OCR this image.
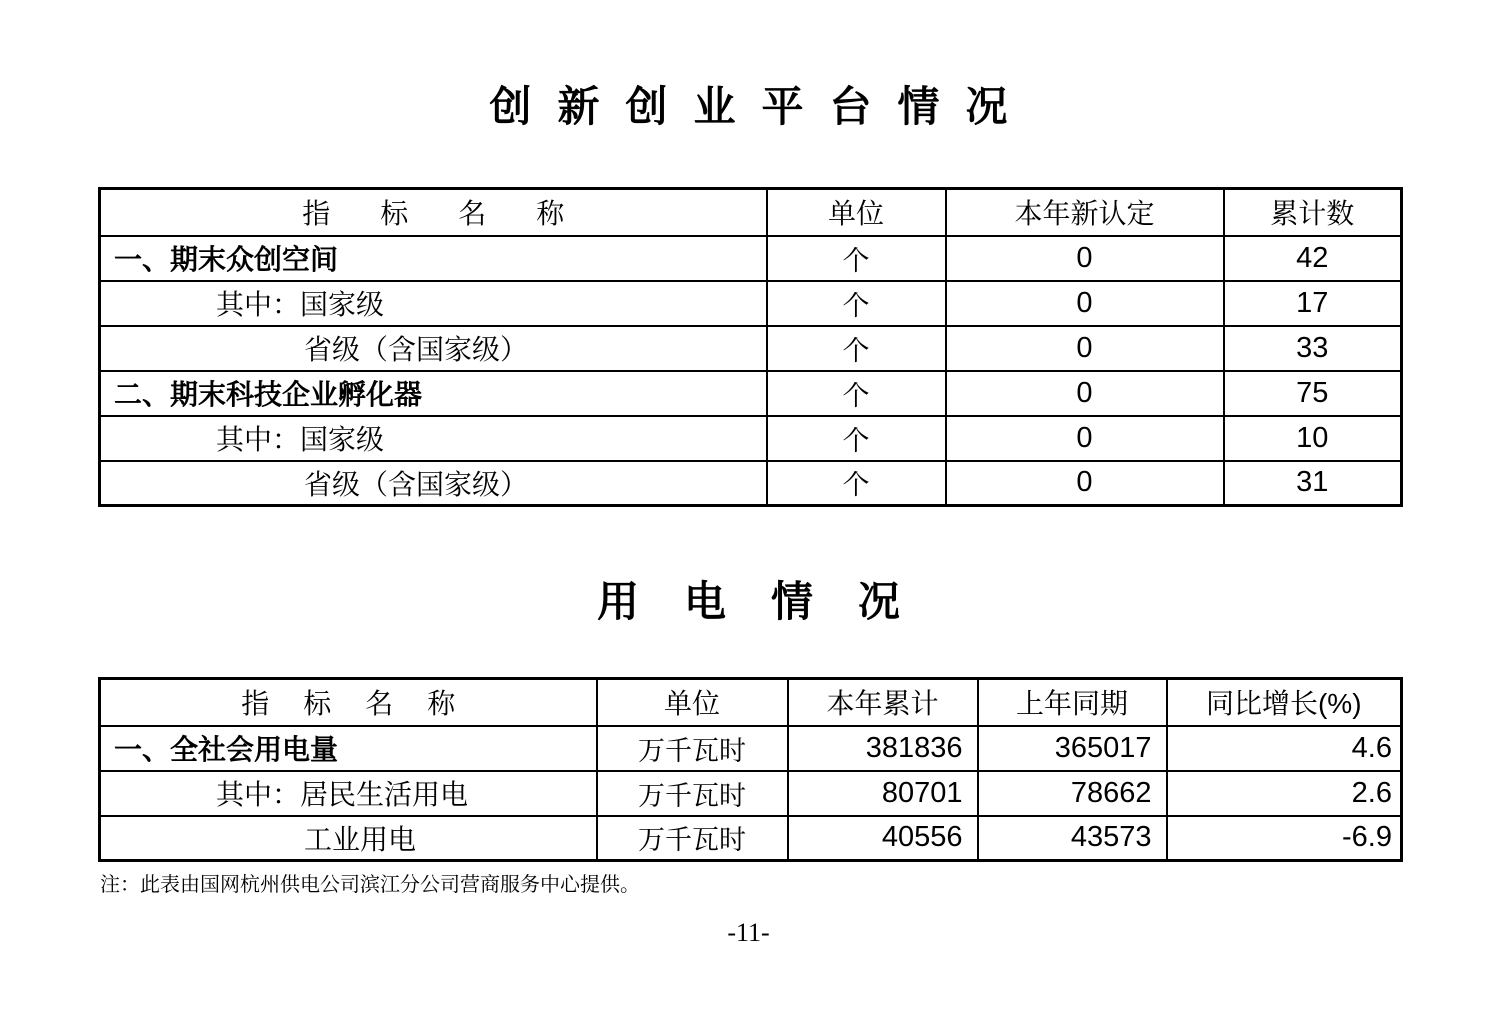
创新创业平台情况
指标名称	单位	本年新认定	累计数
一、期末众创空间	个	0	42
其中：国家级	个	0	17
省级（含国家级）	个	0	33
二、期末科技企业孵化器	个	0	75
其中：国家级	个	0	10
省级（含国家级）	个	0	31
用电情况
指标名称	单位	本年累计	上年同期	同比增长(%)
一、全社会用电量	万千瓦时	381836	365017	4.6
其中：居民生活用电	万千瓦时	80701	78662	2.6
工业用电	万千瓦时	40556	43573	-6.9

注：此表由国网杭州供电公司滨江分公司营商服务中心提供。

-11-
